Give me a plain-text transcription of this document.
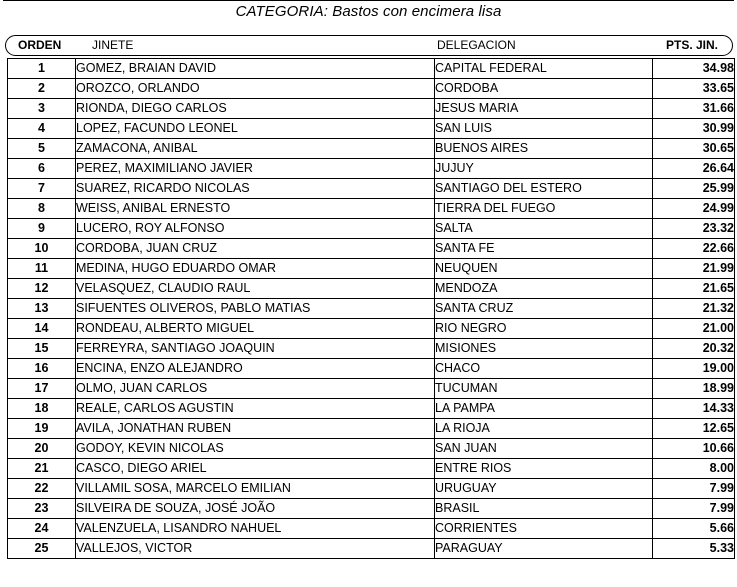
CATEGORIA: Bastos con encimera lisa
ORDEN	JINETE	DELEGACION	PTS. JIN.
1	GOMEZ, BRAIAN DAVID	CAPITAL FEDERAL	34.98
2	OROZCO, ORLANDO	CORDOBA	33.65
3	RIONDA, DIEGO CARLOS	JESUS MARIA	31.66
4	LOPEZ, FACUNDO LEONEL	SAN LUIS	30.99
5	ZAMACONA, ANIBAL	BUENOS AIRES	30.65
6	PEREZ, MAXIMILIANO JAVIER	JUJUY	26.64
7	SUAREZ, RICARDO NICOLAS	SANTIAGO DEL ESTERO	25.99
8	WEISS, ANIBAL ERNESTO	TIERRA DEL FUEGO	24.99
9	LUCERO, ROY ALFONSO	SALTA	23.32
10	CORDOBA, JUAN CRUZ	SANTA FE	22.66
11	MEDINA, HUGO EDUARDO OMAR	NEUQUEN	21.99
12	VELASQUEZ, CLAUDIO RAUL	MENDOZA	21.65
13	SIFUENTES OLIVEROS, PABLO MATIAS	SANTA CRUZ	21.32
14	RONDEAU, ALBERTO MIGUEL	RIO NEGRO	21.00
15	FERREYRA, SANTIAGO JOAQUIN	MISIONES	20.32
16	ENCINA, ENZO ALEJANDRO	CHACO	19.00
17	OLMO, JUAN CARLOS	TUCUMAN	18.99
18	REALE, CARLOS AGUSTIN	LA PAMPA	14.33
19	AVILA, JONATHAN RUBEN	LA RIOJA	12.65
20	GODOY, KEVIN NICOLAS	SAN JUAN	10.66
21	CASCO, DIEGO ARIEL	ENTRE RIOS	8.00
22	VILLAMIL SOSA, MARCELO EMILIAN	URUGUAY	7.99
23	SILVEIRA DE SOUZA, JOSÉ JOÃO	BRASIL	7.99
24	VALENZUELA, LISANDRO NAHUEL	CORRIENTES	5.66
25	VALLEJOS, VICTOR	PARAGUAY	5.33
